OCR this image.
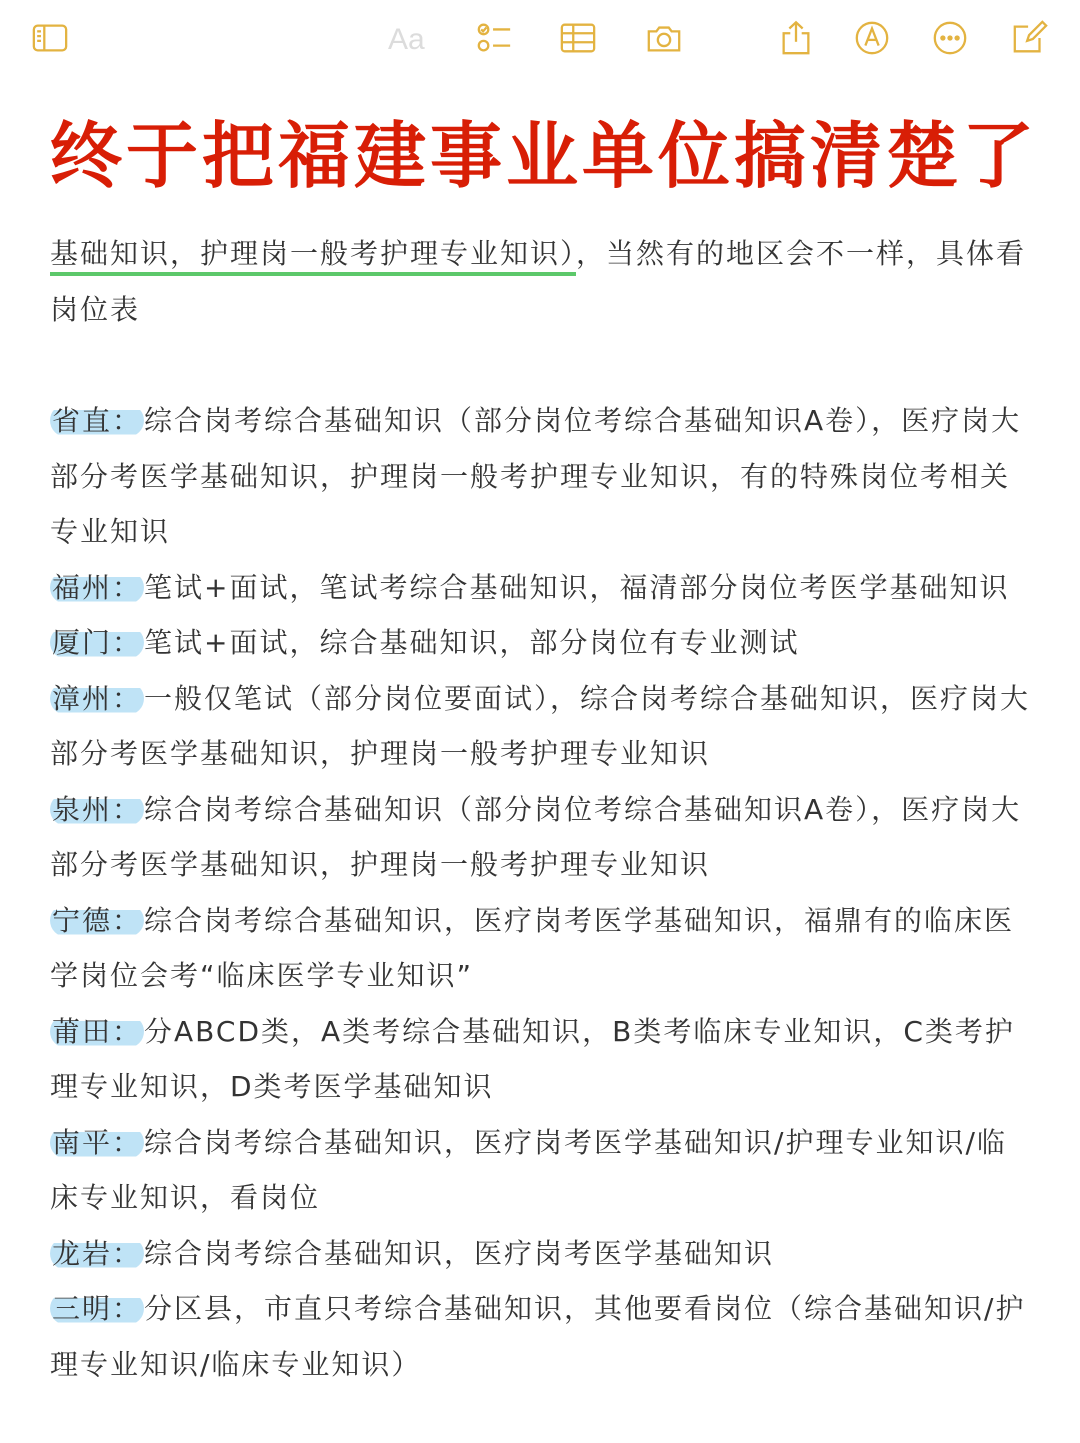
Aa
终于把福建事业单位搞清楚了

基础知识，护理岗一般考护理专业知识），当然有的地区会不一样，具体看岗位表

省直：综合岗考综合基础知识（部分岗位考综合基础知识A卷），医疗岗大部分考医学基础知识，护理岗一般考护理专业知识，有的特殊岗位考相关专业知识

福州：笔试+面试，笔试考综合基础知识，福清部分岗位考医学基础知识

厦门：笔试+面试，综合基础知识，部分岗位有专业测试

漳州：一般仅笔试（部分岗位要面试），综合岗考综合基础知识，医疗岗大部分考医学基础知识，护理岗一般考护理专业知识

泉州：综合岗考综合基础知识（部分岗位考综合基础知识A卷），医疗岗大部分考医学基础知识，护理岗一般考护理专业知识

宁德：综合岗考综合基础知识，医疗岗考医学基础知识，福鼎有的临床医学岗位会考“临床医学专业知识”

莆田：分ABCD类，A类考综合基础知识，B类考临床专业知识，C类考护理专业知识，D类考医学基础知识

南平：综合岗考综合基础知识，医疗岗考医学基础知识/护理专业知识/临床专业知识，看岗位

龙岩：综合岗考综合基础知识，医疗岗考医学基础知识

三明：分区县，市直只考综合基础知识，其他要看岗位（综合基础知识/护理专业知识/临床专业知识）
